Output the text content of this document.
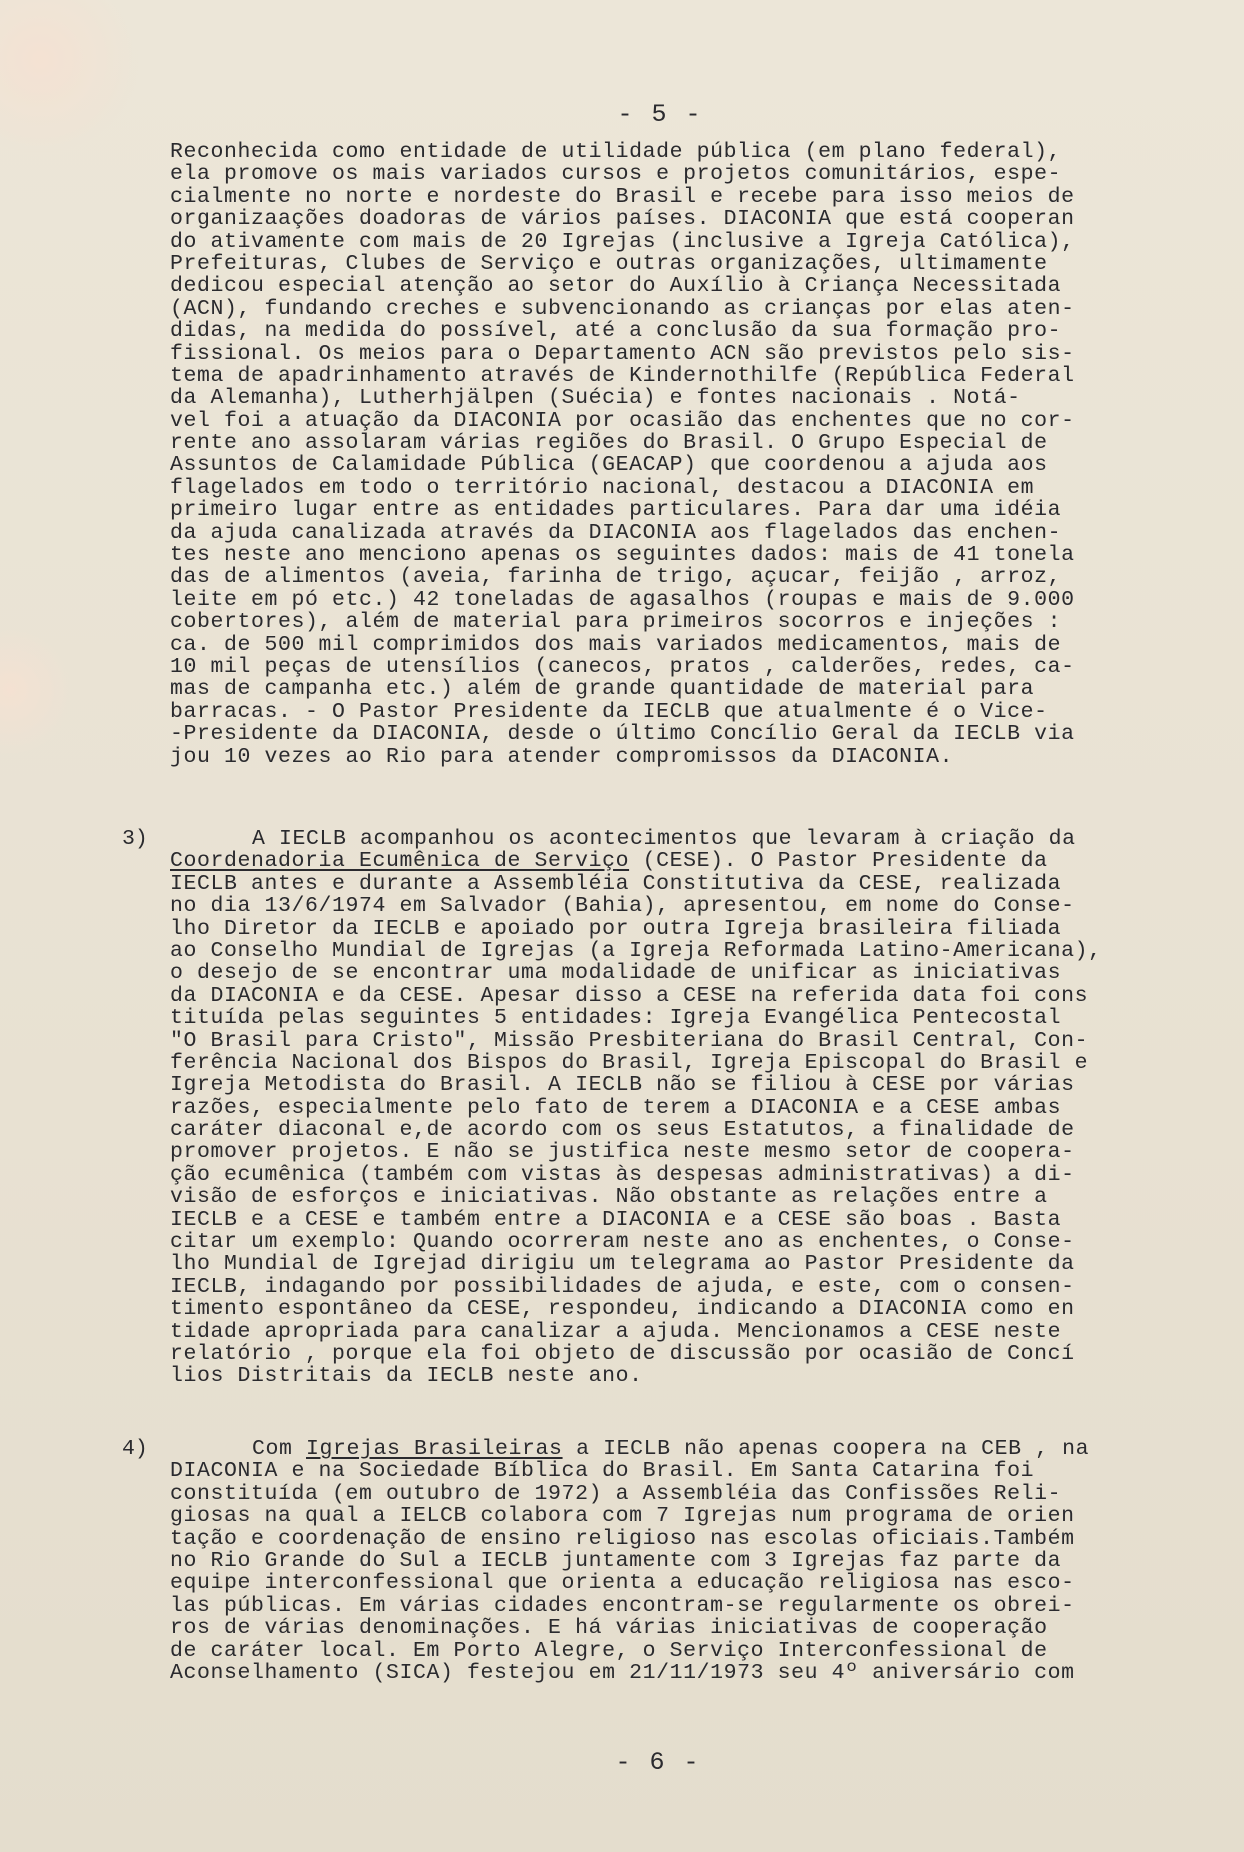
- 5 -
Reconhecida como entidade de utilidade pública (em plano federal),
ela promove os mais variados cursos e projetos comunitários, espe-
cialmente no norte e nordeste do Brasil e recebe para isso meios de
organizaações doadoras de vários países. DIACONIA que está cooperan
do ativamente com mais de 20 Igrejas (inclusive a Igreja Católica),
Prefeituras, Clubes de Serviço e outras organizações, ultimamente
dedicou especial atenção ao setor do Auxílio à Criança Necessitada
(ACN), fundando creches e subvencionando as crianças por elas aten-
didas, na medida do possível, até a conclusão da sua formação pro-
fissional. Os meios para o Departamento ACN são previstos pelo sis-
tema de apadrinhamento através de Kindernothilfe (República Federal
da Alemanha), Lutherhjälpen (Suécia) e fontes nacionais . Notá-
vel foi a atuação da DIACONIA por ocasião das enchentes que no cor-
rente ano assolaram várias regiões do Brasil. O Grupo Especial de
Assuntos de Calamidade Pública (GEACAP) que coordenou a ajuda aos
flagelados em todo o território nacional, destacou a DIACONIA em
primeiro lugar entre as entidades particulares. Para dar uma idéia
da ajuda canalizada através da DIACONIA aos flagelados das enchen-
tes neste ano menciono apenas os seguintes dados: mais de 41 tonela
das de alimentos (aveia, farinha de trigo, açucar, feijão , arroz,
leite em pó etc.) 42 toneladas de agasalhos (roupas e mais de 9.000
cobertores), além de material para primeiros socorros e injeções :
ca. de 500 mil comprimidos dos mais variados medicamentos, mais de
10 mil peças de utensílios (canecos, pratos , calderões, redes, ca-
mas de campanha etc.) além de grande quantidade de material para
barracas. - O Pastor Presidente da IECLB que atualmente é o Vice-
-Presidente da DIACONIA, desde o último Concílio Geral da IECLB via
jou 10 vezes ao Rio para atender compromissos da DIACONIA.
3)	A IECLB acompanhou os acontecimentos que levaram à criação da
Coordenadoria Ecumênica de Serviço (CESE). O Pastor Presidente da
IECLB antes e durante a Assembléia Constitutiva da CESE, realizada
no dia 13/6/1974 em Salvador (Bahia), apresentou, em nome do Conse-
lho Diretor da IECLB e apoiado por outra Igreja brasileira filiada
ao Conselho Mundial de Igrejas (a Igreja Reformada Latino-Americana),
o desejo de se encontrar uma modalidade de unificar as iniciativas
da DIACONIA e da CESE. Apesar disso a CESE na referida data foi cons
tituída pelas seguintes 5 entidades: Igreja Evangélica Pentecostal
"O Brasil para Cristo", Missão Presbiteriana do Brasil Central, Con-
ferência Nacional dos Bispos do Brasil, Igreja Episcopal do Brasil e
Igreja Metodista do Brasil. A IECLB não se filiou à CESE por várias
razões, especialmente pelo fato de terem a DIACONIA e a CESE ambas
caráter diaconal e,de acordo com os seus Estatutos, a finalidade de
promover projetos. E não se justifica neste mesmo setor de coopera-
ção ecumênica (também com vistas às despesas administrativas) a di-
visão de esforços e iniciativas. Não obstante as relações entre a
IECLB e a CESE e também entre a DIACONIA e a CESE são boas . Basta
citar um exemplo: Quando ocorreram neste ano as enchentes, o Conse-
lho Mundial de Igrejad dirigiu um telegrama ao Pastor Presidente da
IECLB, indagando por possibilidades de ajuda, e este, com o consen-
timento espontâneo da CESE, respondeu, indicando a DIACONIA como en
tidade apropriada para canalizar a ajuda. Mencionamos a CESE neste
relatório , porque ela foi objeto de discussão por ocasião de Concí
lios Distritais da IECLB neste ano.
4)	Com Igrejas Brasileiras a IECLB não apenas coopera na CEB , na
DIACONIA e na Sociedade Bíblica do Brasil. Em Santa Catarina foi
constituída (em outubro de 1972) a Assembléia das Confissões Reli-
giosas na qual a IELCB colabora com 7 Igrejas num programa de orien
tação e coordenação de ensino religioso nas escolas oficiais.Também
no Rio Grande do Sul a IECLB juntamente com 3 Igrejas faz parte da
equipe interconfessional que orienta a educação religiosa nas esco-
las públicas. Em várias cidades encontram-se regularmente os obrei-
ros de várias denominações. E há várias iniciativas de cooperação
de caráter local. Em Porto Alegre, o Serviço Interconfessional de
Aconselhamento (SICA) festejou em 21/11/1973 seu 4º aniversário com
- 6 -
